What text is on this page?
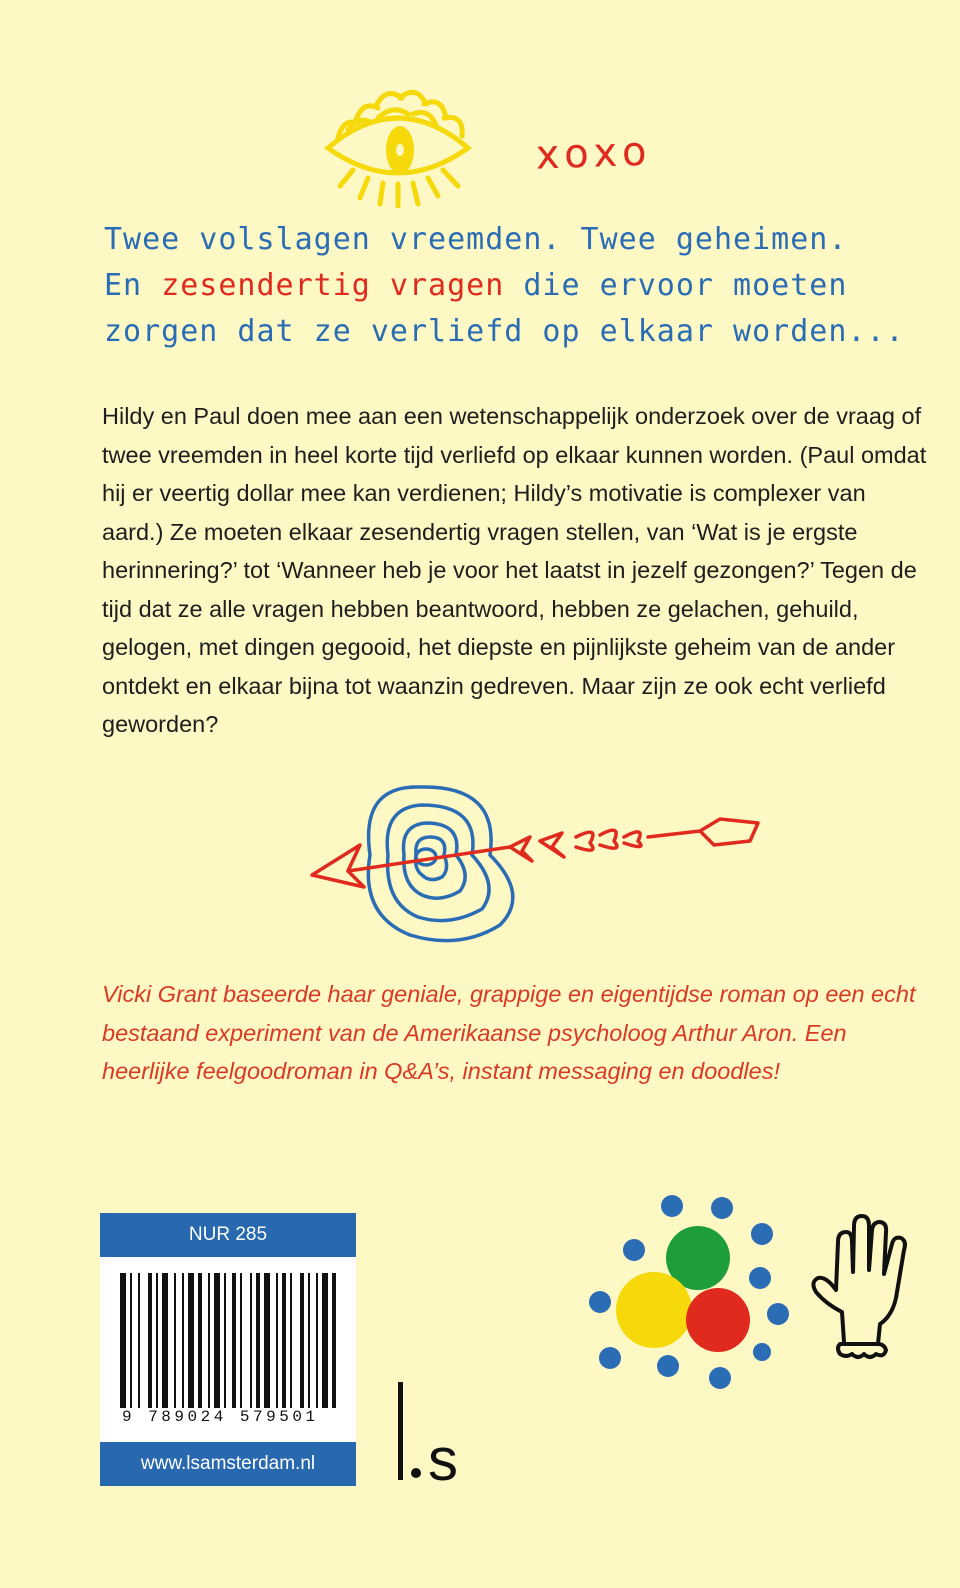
xoxo
Twee volslagen vreemden. Twee geheimen.
En zesendertig vragen die ervoor moeten
zorgen dat ze verliefd op elkaar worden...

Hildy en Paul doen mee aan een wetenschappelijk onderzoek over de vraag of twee vreemden in heel korte tijd verliefd op elkaar kunnen worden. (Paul omdat hij er veertig dollar mee kan verdienen; Hildy’s motivatie is complexer van aard.) Ze moeten elkaar zesendertig vragen stellen, van ‘Wat is je ergste herinnering?’ tot ‘Wanneer heb je voor het laatst in jezelf gezongen?’ Tegen de tijd dat ze alle vragen hebben beantwoord, hebben ze gelachen, gehuild, gelogen, met dingen gegooid, het diepste en pijnlijkste geheim van de ander ontdekt en elkaar bijna tot waanzin gedreven. Maar zijn ze ook echt verliefd geworden?

Vicki Grant baseerde haar geniale, grappige en eigentijdse roman op een echt bestaand experiment van de Amerikaanse psycholoog Arthur Aron. Een heerlijke feelgoodroman in Q&A’s, instant messaging en doodles!
NUR 285
9 789024 579501
www.lsamsterdam.nl	s
